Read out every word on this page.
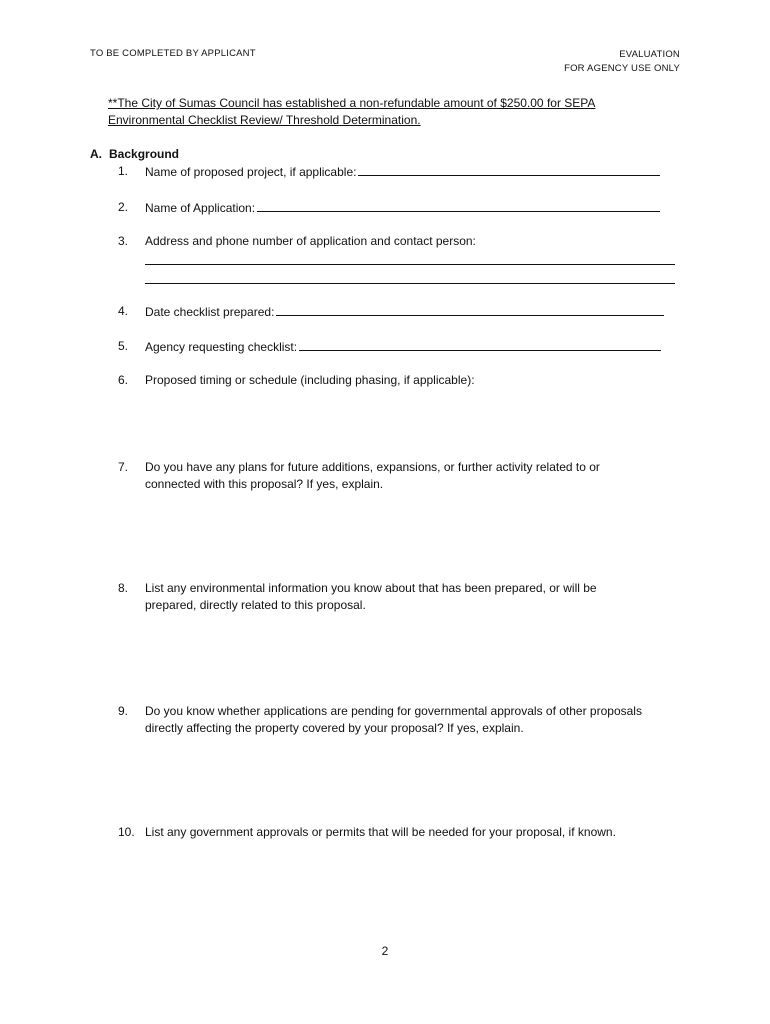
TO BE COMPLETED BY APPLICANT	EVALUATION
FOR AGENCY USE ONLY
**The City of Sumas Council has established a non-refundable amount of $250.00 for SEPA
Environmental Checklist Review/ Threshold Determination.
A. Background
1.	Name of proposed project, if applicable:
2.	Name of Application:
3.	Address and phone number of application and contact person:
4.	Date checklist prepared:
5.	Agency requesting checklist:
6.	Proposed timing or schedule (including phasing, if applicable):
7.	Do you have any plans for future additions, expansions, or further activity related to or
connected with this proposal? If yes, explain.
8.	List any environmental information you know about that has been prepared, or will be
prepared, directly related to this proposal.
9.	Do you know whether applications are pending for governmental approvals of other proposals
directly affecting the property covered by your proposal? If yes, explain.
10. List any government approvals or permits that will be needed for your proposal, if known.
2
